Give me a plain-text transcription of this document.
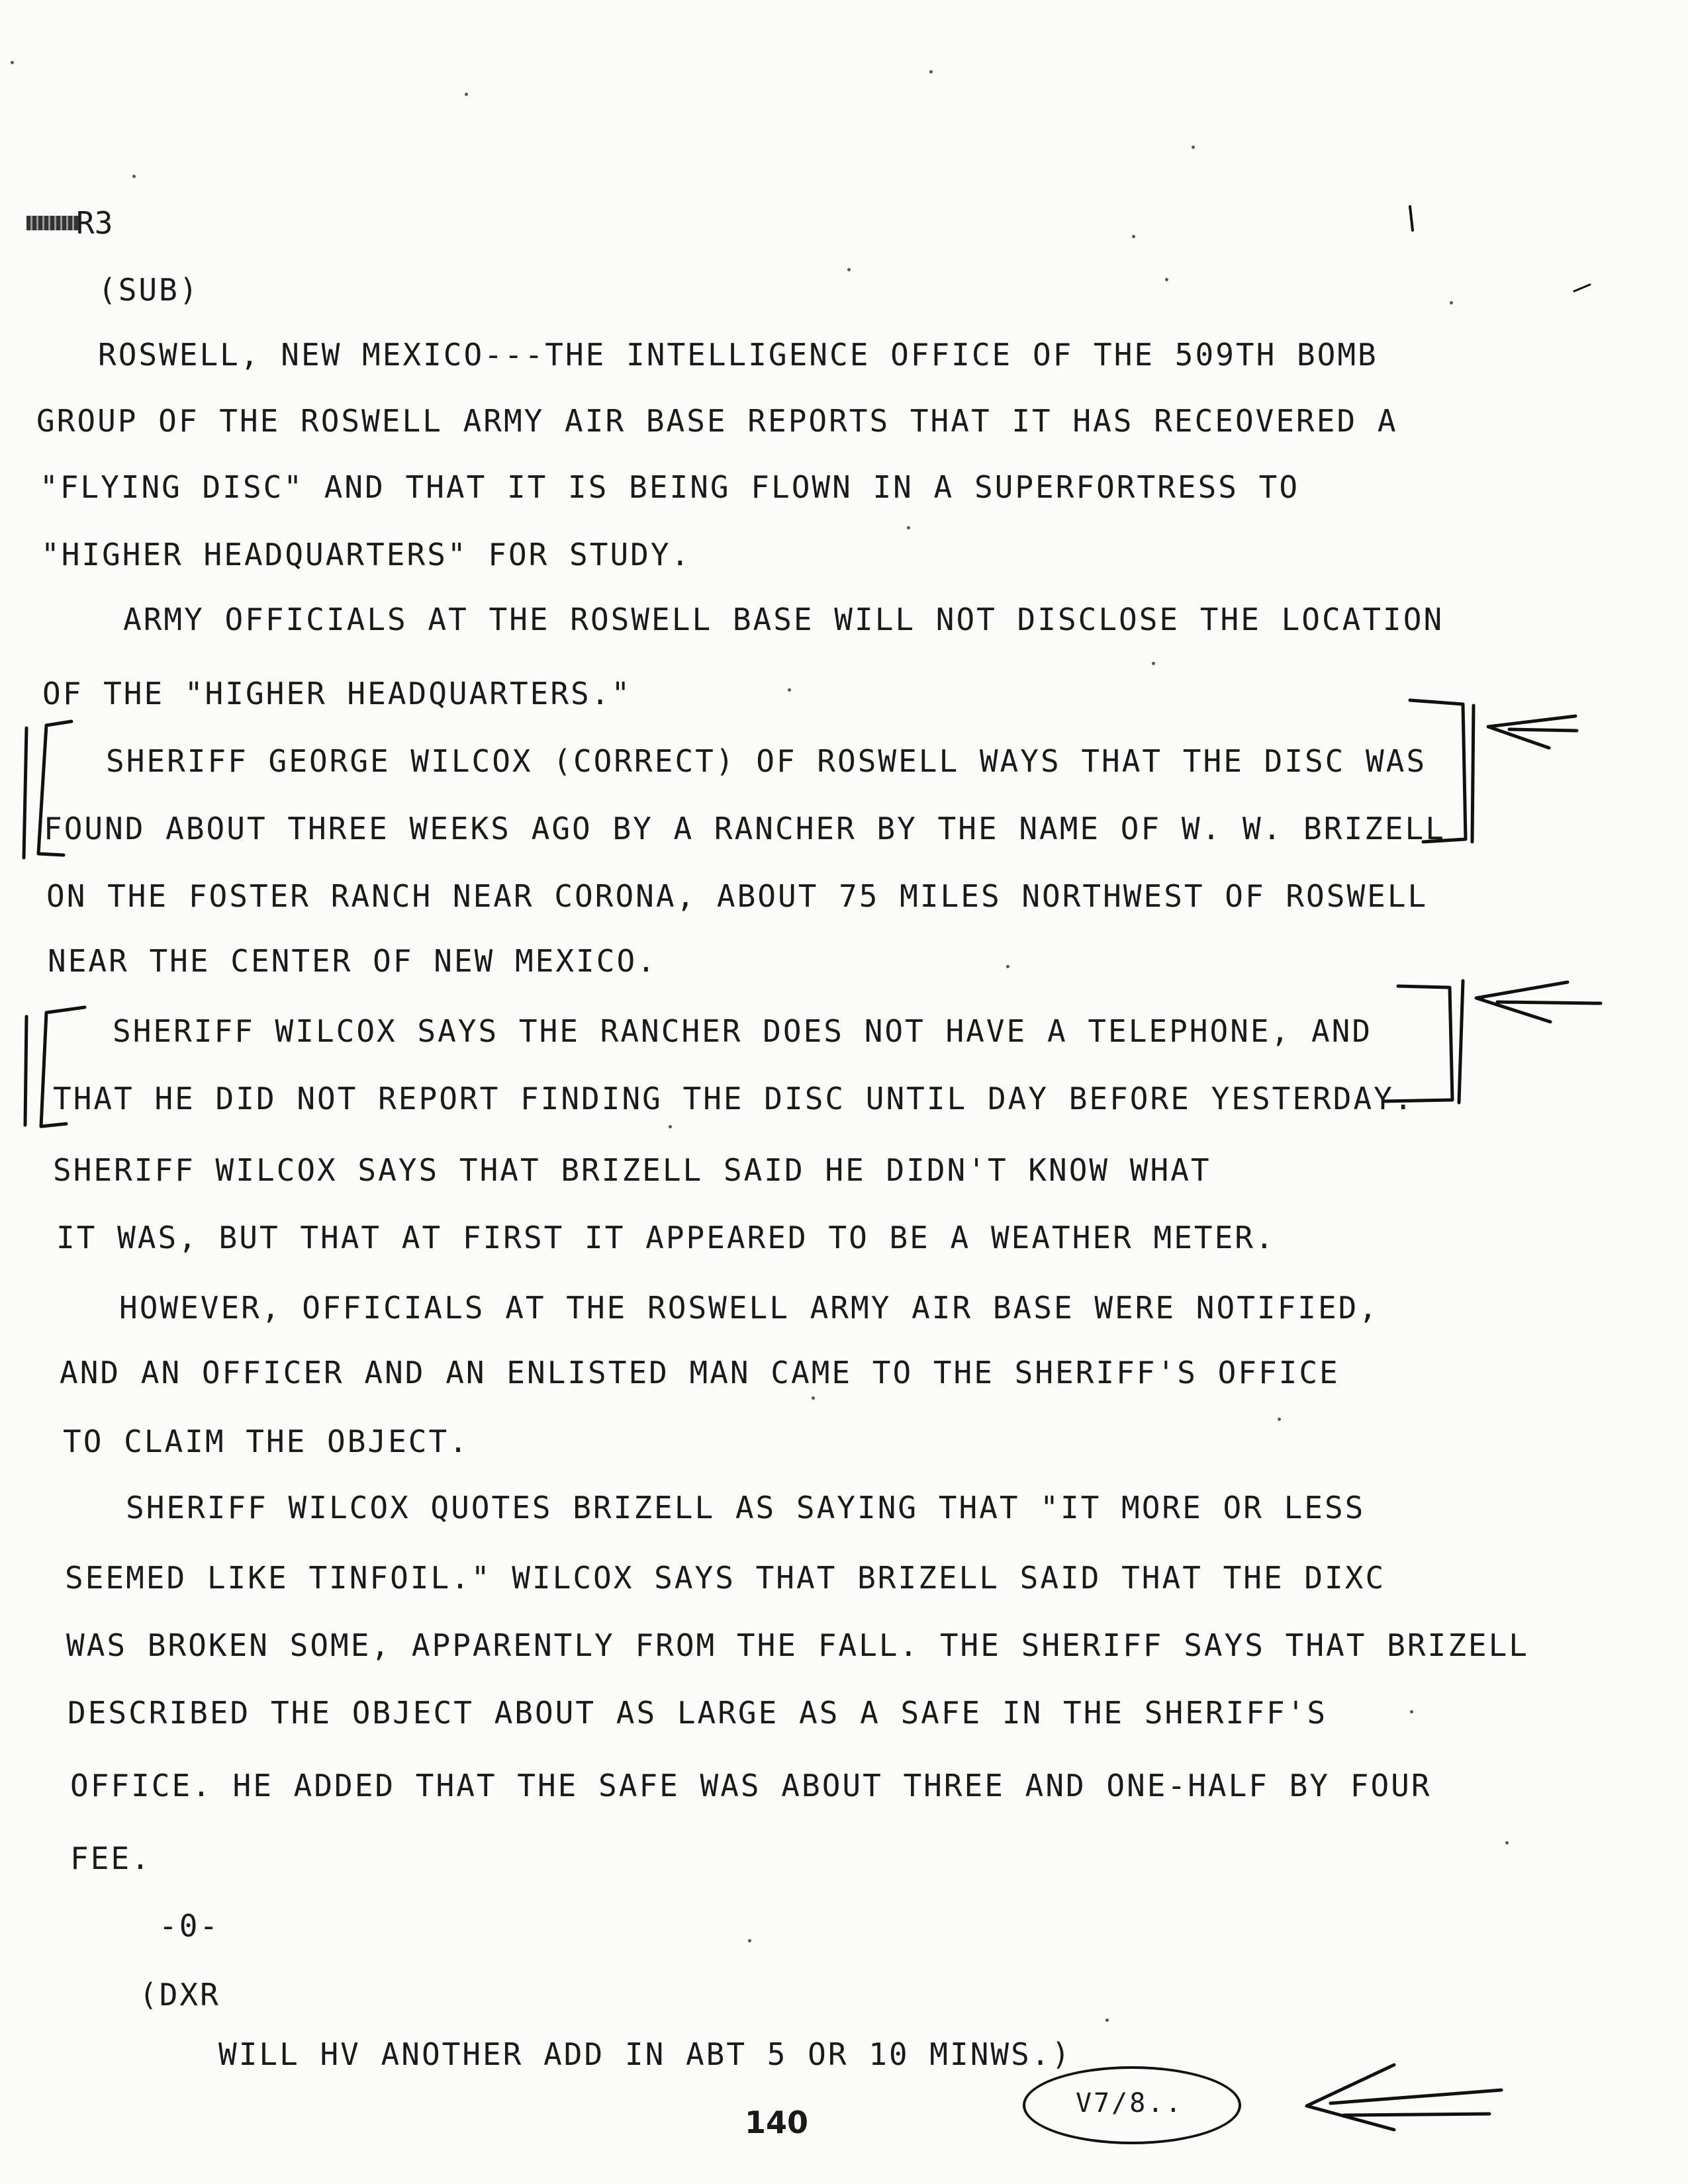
R3
(SUB)
ROSWELL, NEW MEXICO---THE INTELLIGENCE OFFICE OF THE 509TH BOMB
GROUP OF THE ROSWELL ARMY AIR BASE REPORTS THAT IT HAS RECEOVERED A
"FLYING DISC" AND THAT IT IS BEING FLOWN IN A SUPERFORTRESS TO
"HIGHER HEADQUARTERS" FOR STUDY.
ARMY OFFICIALS AT THE ROSWELL BASE WILL NOT DISCLOSE THE LOCATION
OF THE "HIGHER HEADQUARTERS."
SHERIFF GEORGE WILCOX (CORRECT) OF ROSWELL WAYS THAT THE DISC WAS
FOUND ABOUT THREE WEEKS AGO BY A RANCHER BY THE NAME OF W. W. BRIZELL
ON THE FOSTER RANCH NEAR CORONA, ABOUT 75 MILES NORTHWEST OF ROSWELL
NEAR THE CENTER OF NEW MEXICO.
SHERIFF WILCOX SAYS THE RANCHER DOES NOT HAVE A TELEPHONE, AND
THAT HE DID NOT REPORT FINDING THE DISC UNTIL DAY BEFORE YESTERDAY.
SHERIFF WILCOX SAYS THAT BRIZELL SAID HE DIDN'T KNOW WHAT
IT WAS, BUT THAT AT FIRST IT APPEARED TO BE A WEATHER METER.
HOWEVER, OFFICIALS AT THE ROSWELL ARMY AIR BASE WERE NOTIFIED,
AND AN OFFICER AND AN ENLISTED MAN CAME TO THE SHERIFF'S OFFICE
TO CLAIM THE OBJECT.
SHERIFF WILCOX QUOTES BRIZELL AS SAYING THAT "IT MORE OR LESS
SEEMED LIKE TINFOIL." WILCOX SAYS THAT BRIZELL SAID THAT THE DIXC
WAS BROKEN SOME, APPARENTLY FROM THE FALL. THE SHERIFF SAYS THAT BRIZELL
DESCRIBED THE OBJECT ABOUT AS LARGE AS A SAFE IN THE SHERIFF'S
OFFICE. HE ADDED THAT THE SAFE WAS ABOUT THREE AND ONE-HALF BY FOUR
FEE.
-0-
(DXR
WILL HV ANOTHER ADD IN ABT 5 OR 10 MINWS.)
140
V7/8..
